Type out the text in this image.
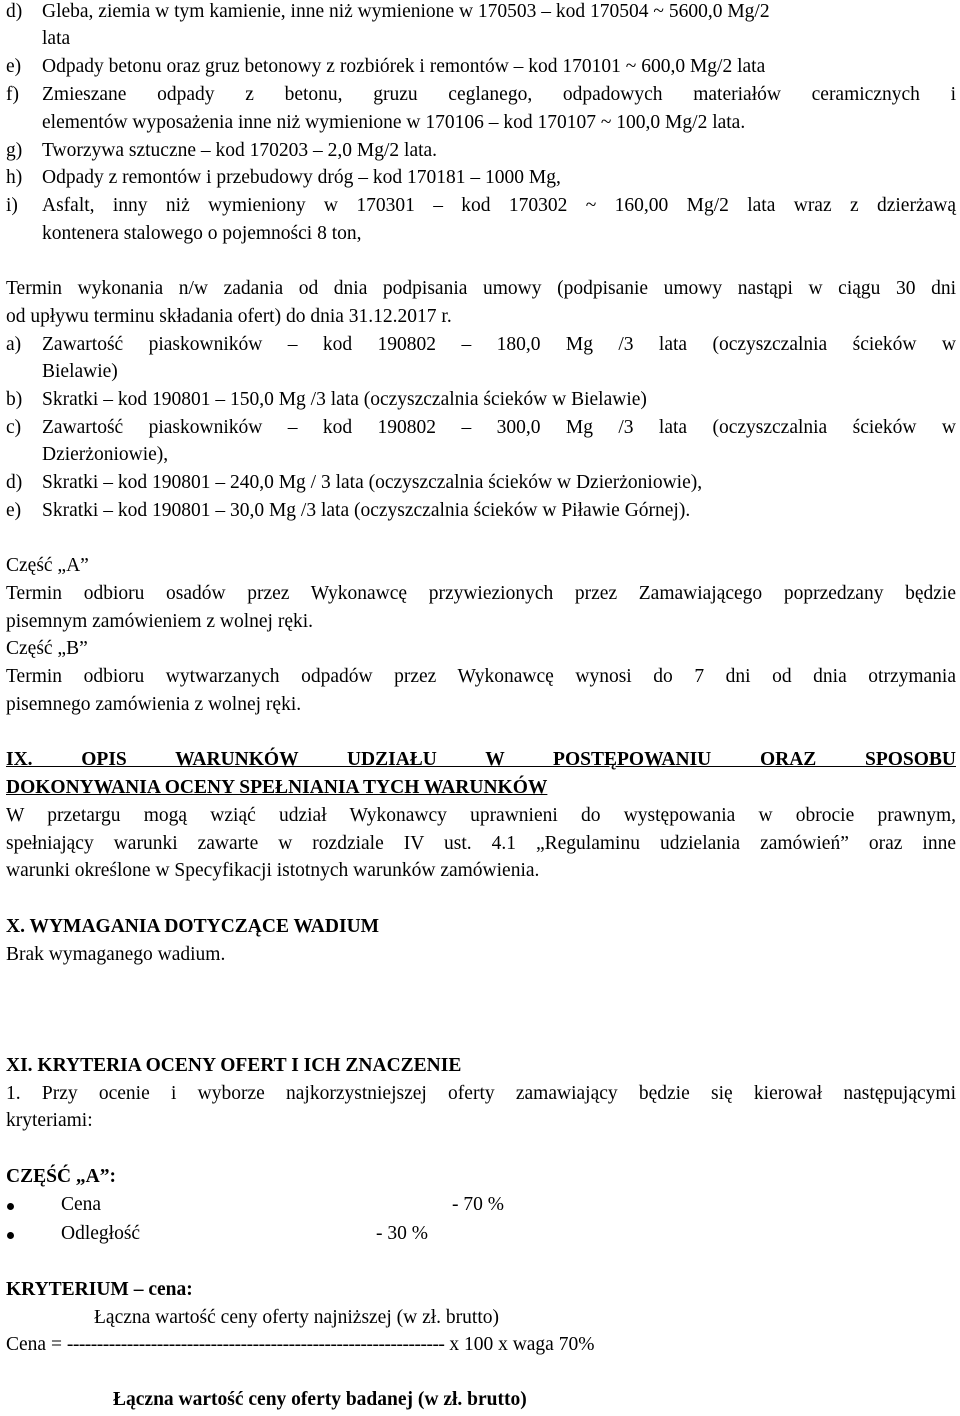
d) Gleba, ziemia w tym kamienie, inne niż wymienione w 170503 – kod 170504 ~ 5600,0 Mg/2
lata
e) Odpady betonu oraz gruz betonowy z rozbiórek i remontów – kod 170101 ~ 600,0 Mg/2 lata
f) Zmieszane odpady z betonu, gruzu ceglanego, odpadowych materiałów ceramicznych i
elementów wyposażenia inne niż wymienione w 170106 – kod 170107 ~ 100,0 Mg/2 lata.
g) Tworzywa sztuczne – kod 170203 – 2,0 Mg/2 lata.
h) Odpady z remontów i przebudowy dróg – kod 170181 – 1000 Mg,
i) Asfalt, inny niż wymieniony w 170301 – kod 170302 ~ 160,00 Mg/2 lata wraz z dzierżawą
kontenera stalowego o pojemności 8 ton,
Termin wykonania n/w zadania od dnia podpisania umowy (podpisanie umowy nastąpi w ciągu 30 dni
od upływu terminu składania ofert) do dnia 31.12.2017 r.
a) Zawartość piaskowników – kod 190802 – 180,0 Mg /3 lata (oczyszczalnia ścieków w
Bielawie)
b) Skratki – kod 190801 – 150,0 Mg /3 lata (oczyszczalnia ścieków w Bielawie)
c) Zawartość piaskowników – kod 190802 – 300,0 Mg /3 lata (oczyszczalnia ścieków w
Dzierżoniowie),
d) Skratki – kod 190801 – 240,0 Mg / 3 lata (oczyszczalnia ścieków w Dzierżoniowie),
e) Skratki – kod 190801 – 30,0 Mg /3 lata (oczyszczalnia ścieków w Piławie Górnej).
Część „A”
Termin odbioru osadów przez Wykonawcę przywiezionych przez Zamawiającego poprzedzany będzie
pisemnym zamówieniem z wolnej ręki.
Część „B”
Termin odbioru wytwarzanych odpadów przez Wykonawcę wynosi do 7 dni od dnia otrzymania
pisemnego zamówienia z wolnej ręki.
IX. OPIS WARUNKÓW UDZIAŁU W POSTĘPOWANIU ORAZ SPOSOBU
DOKONYWANIA OCENY SPEŁNIANIA TYCH WARUNKÓW
W przetargu mogą wziąć udział Wykonawcy uprawnieni do występowania w obrocie prawnym,
spełniający warunki zawarte w rozdziale IV ust. 4.1 „Regulaminu udzielania zamówień” oraz inne
warunki określone w Specyfikacji istotnych warunków zamówienia.
X. WYMAGANIA DOTYCZĄCE WADIUM
Brak wymaganego wadium.
XI. KRYTERIA OCENY OFERT I ICH ZNACZENIE
1. Przy ocenie i wyborze najkorzystniejszej oferty zamawiający będzie się kierował następującymi
kryteriami:
CZĘŚĆ „A”:
Cena	- 70 %
Odległość	- 30 %
KRYTERIUM – cena:
Łączna wartość ceny oferty najniższej (w zł. brutto)
Cena = --------------------------------------------------------------- x 100 x waga 70%
Łączna wartość ceny oferty badanej (w zł. brutto)
